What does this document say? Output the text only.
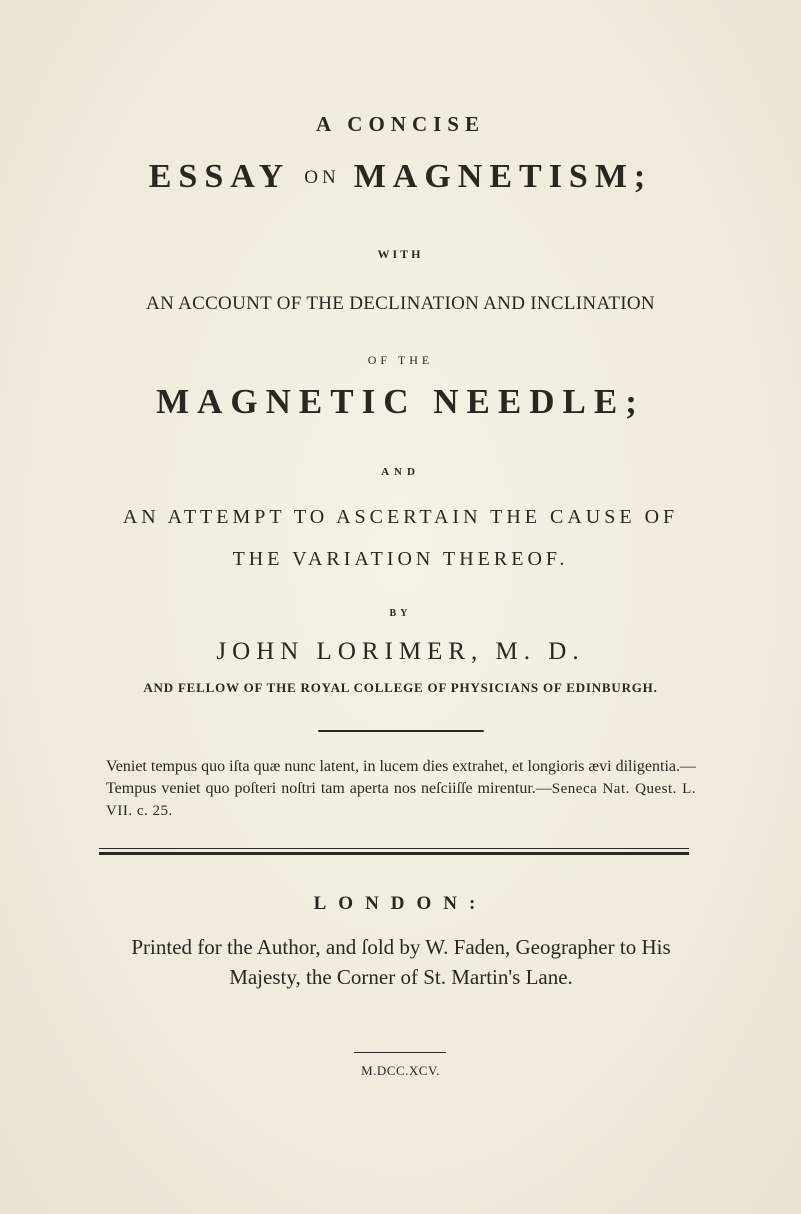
A CONCISE
ESSAY ON MAGNETISM;
WITH
AN ACCOUNT OF THE DECLINATION AND INCLINATION
OF THE
MAGNETIC NEEDLE;
AND
AN ATTEMPT TO ASCERTAIN THE CAUSE OF
THE VARIATION THEREOF.
BY
JOHN LORIMER, M. D.
AND FELLOW OF THE ROYAL COLLEGE OF PHYSICIANS OF EDINBURGH.
Veniet tempus quo iſta quæ nunc latent, in lucem dies extrahet, et longioris ævi diligentia.—Tempus veniet quo poſteri noſtri tam aperta nos neſciiſſe mirentur.—Seneca Nat. Quest. L. VII. c. 25.
LONDON:
Printed for the Author, and ſold by W. Faden, Geographer to His Majesty, the Corner of St. Martin's Lane.
M.DCC.XCV.
